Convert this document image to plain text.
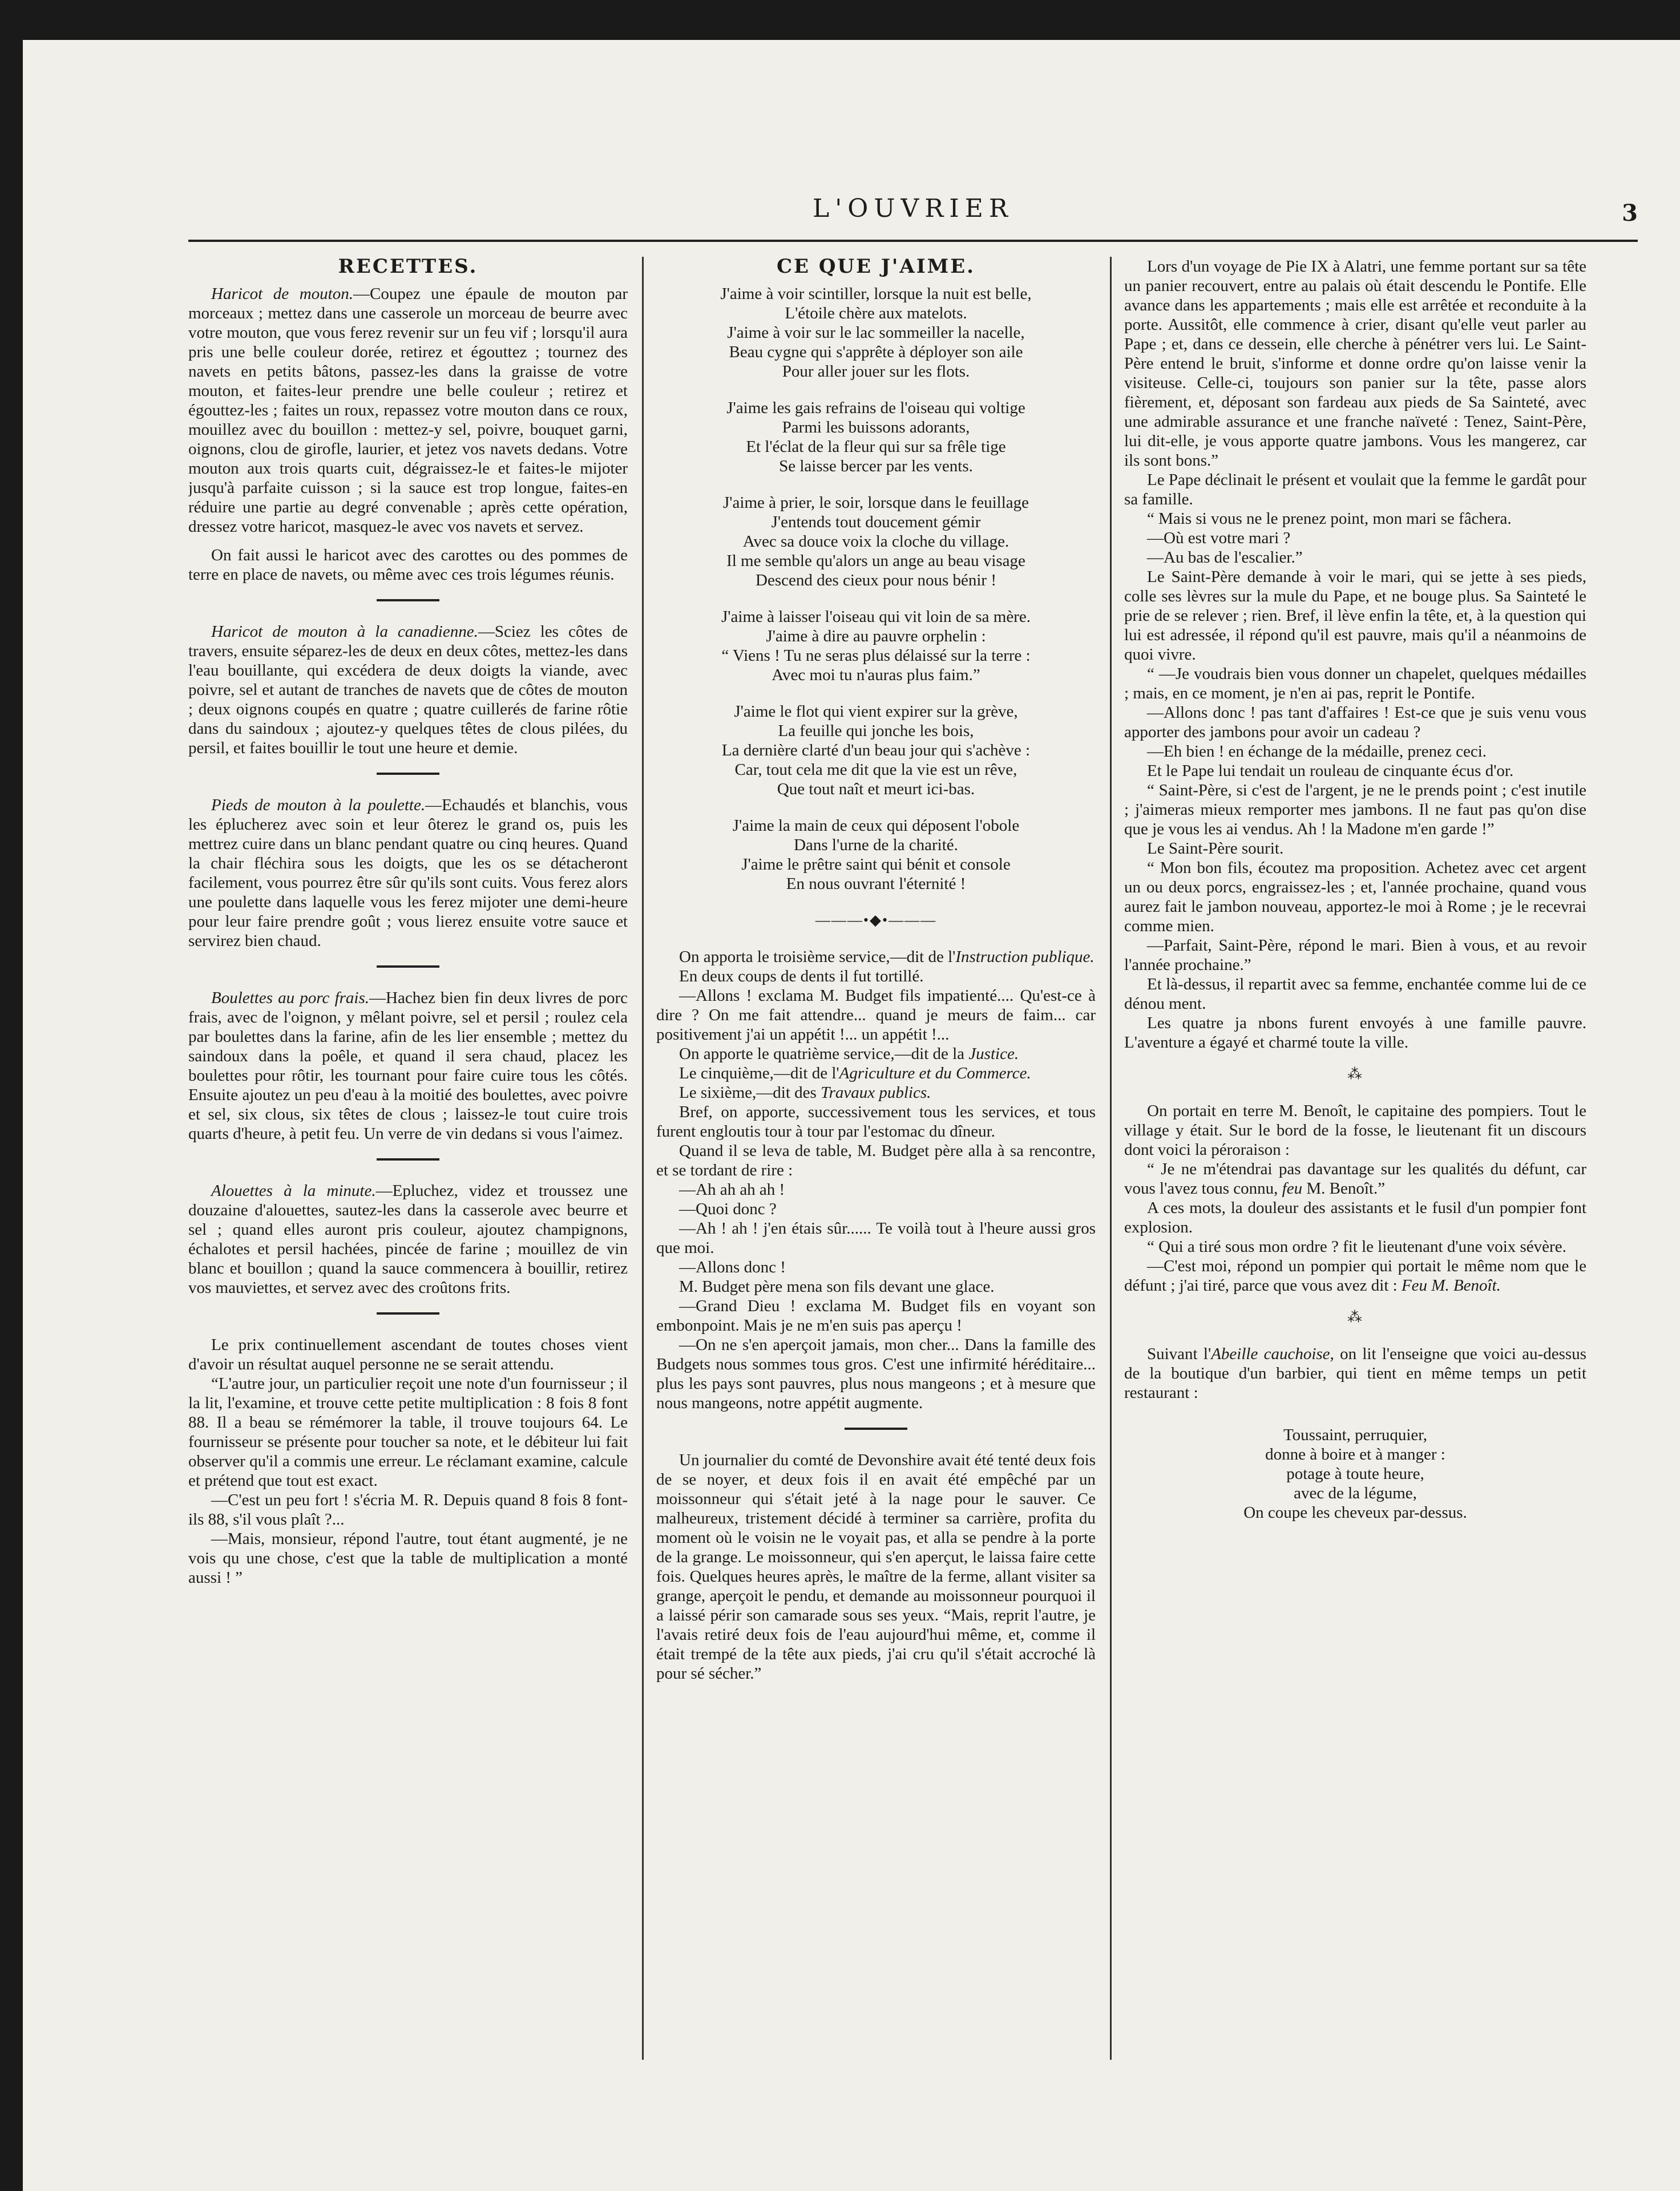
L'OUVRIER	3
RECETTES.

Haricot de mouton.—Coupez une épaule de mouton par morceaux ; mettez dans une casserole un morceau de beurre avec votre mouton, que vous ferez revenir sur un feu vif ; lorsqu'il aura pris une belle couleur dorée, retirez et égouttez ; tournez des navets en petits bâtons, passez-les dans la graisse de votre mouton, et faites-leur prendre une belle couleur ; retirez et égouttez-les ; faites un roux, repassez votre mouton dans ce roux, mouillez avec du bouillon : mettez-y sel, poivre, bouquet garni, oignons, clou de girofle, laurier, et jetez vos navets dedans. Votre mouton aux trois quarts cuit, dégraissez-le et faites-le mijoter jusqu'à parfaite cuisson ; si la sauce est trop longue, faites-en réduire une partie au degré convenable ; après cette opération, dressez votre haricot, masquez-le avec vos navets et servez.

On fait aussi le haricot avec des carottes ou des pommes de terre en place de navets, ou même avec ces trois légumes réunis.

Haricot de mouton à la canadienne.—Sciez les côtes de travers, ensuite séparez-les de deux en deux côtes, mettez-les dans l'eau bouillante, qui excédera de deux doigts la viande, avec poivre, sel et autant de tranches de navets que de côtes de mouton ; deux oignons coupés en quatre ; quatre cuillerés de farine rôtie dans du saindoux ; ajoutez-y quelques têtes de clous pilées, du persil, et faites bouillir le tout une heure et demie.

Pieds de mouton à la poulette.—Echaudés et blanchis, vous les éplucherez avec soin et leur ôterez le grand os, puis les mettrez cuire dans un blanc pendant quatre ou cinq heures. Quand la chair fléchira sous les doigts, que les os se détacheront facilement, vous pourrez être sûr qu'ils sont cuits. Vous ferez alors une poulette dans laquelle vous les ferez mijoter une demi-heure pour leur faire prendre goût ; vous lierez ensuite votre sauce et servirez bien chaud.

Boulettes au porc frais.—Hachez bien fin deux livres de porc frais, avec de l'oignon, y mêlant poivre, sel et persil ; roulez cela par boulettes dans la farine, afin de les lier ensemble ; mettez du saindoux dans la poêle, et quand il sera chaud, placez les boulettes pour rôtir, les tournant pour faire cuire tous les côtés. Ensuite ajoutez un peu d'eau à la moitié des boulettes, avec poivre et sel, six clous, six têtes de clous ; laissez-le tout cuire trois quarts d'heure, à petit feu. Un verre de vin dedans si vous l'aimez.

Alouettes à la minute.—Epluchez, videz et troussez une douzaine d'alouettes, sautez-les dans la casserole avec beurre et sel ; quand elles auront pris couleur, ajoutez champignons, échalotes et persil hachées, pincée de farine ; mouillez de vin blanc et bouillon ; quand la sauce commencera à bouillir, retirez vos mauviettes, et servez avec des croûtons frits.

Le prix continuellement ascendant de toutes choses vient d'avoir un résultat auquel personne ne se serait attendu.

“L'autre jour, un particulier reçoit une note d'un fournisseur ; il la lit, l'examine, et trouve cette petite multiplication : 8 fois 8 font 88. Il a beau se rémémorer la table, il trouve toujours 64. Le fournisseur se présente pour toucher sa note, et le débiteur lui fait observer qu'il a commis une erreur. Le réclamant examine, calcule et prétend que tout est exact.

—C'est un peu fort ! s'écria M. R. Depuis quand 8 fois 8 font-ils 88, s'il vous plaît ?...

—Mais, monsieur, répond l'autre, tout étant augmenté, je ne vois qu une chose, c'est que la table de multiplication a monté aussi ! ”

CE QUE J'AIME.
J'aime à voir scintiller, lorsque la nuit est belle,
L'étoile chère aux matelots.
J'aime à voir sur le lac sommeiller la nacelle,
Beau cygne qui s'apprête à déployer son aile
Pour aller jouer sur les flots.
J'aime les gais refrains de l'oiseau qui voltige
Parmi les buissons adorants,
Et l'éclat de la fleur qui sur sa frêle tige
Se laisse bercer par les vents.
J'aime à prier, le soir, lorsque dans le feuillage
J'entends tout doucement gémir
Avec sa douce voix la cloche du village.
Il me semble qu'alors un ange au beau visage
Descend des cieux pour nous bénir !
J'aime à laisser l'oiseau qui vit loin de sa mère.
J'aime à dire au pauvre orphelin :
“ Viens ! Tu ne seras plus délaissé sur la terre :
Avec moi tu n'auras plus faim.”
J'aime le flot qui vient expirer sur la grève,
La feuille qui jonche les bois,
La dernière clarté d'un beau jour qui s'achève :
Car, tout cela me dit que la vie est un rêve,
Que tout naît et meurt ici-bas.
J'aime la main de ceux qui déposent l'obole
Dans l'urne de la charité.
J'aime le prêtre saint qui bénit et console
En nous ouvrant l'éternité !
———•◆•———

On apporta le troisième service,—dit de l'Instruction publique.

En deux coups de dents il fut tortillé.

—Allons ! exclama M. Budget fils impatienté.... Qu'est-ce à dire ? On me fait attendre... quand je meurs de faim... car positivement j'ai un appétit !... un appétit !...

On apporte le quatrième service,—dit de la Justice.

Le cinquième,—dit de l'Agriculture et du Commerce.

Le sixième,—dit des Travaux publics.

Bref, on apporte, successivement tous les services, et tous furent engloutis tour à tour par l'estomac du dîneur.

Quand il se leva de table, M. Budget père alla à sa rencontre, et se tordant de rire :

—Ah ah ah ah !

—Quoi donc ?

—Ah ! ah ! j'en étais sûr...... Te voilà tout à l'heure aussi gros que moi.

—Allons donc !

M. Budget père mena son fils devant une glace.

—Grand Dieu ! exclama M. Budget fils en voyant son embonpoint. Mais je ne m'en suis pas aperçu !

—On ne s'en aperçoit jamais, mon cher... Dans la famille des Budgets nous sommes tous gros. C'est une infirmité héréditaire... plus les pays sont pauvres, plus nous mangeons ; et à mesure que nous mangeons, notre appétit augmente.

Un journalier du comté de Devonshire avait été tenté deux fois de se noyer, et deux fois il en avait été empêché par un moissonneur qui s'était jeté à la nage pour le sauver. Ce malheureux, tristement décidé à terminer sa carrière, profita du moment où le voisin ne le voyait pas, et alla se pendre à la porte de la grange. Le moissonneur, qui s'en aperçut, le laissa faire cette fois. Quelques heures après, le maître de la ferme, allant visiter sa grange, aperçoit le pendu, et demande au moissonneur pourquoi il a laissé périr son camarade sous ses yeux. “Mais, reprit l'autre, je l'avais retiré deux fois de l'eau aujourd'hui même, et, comme il était trempé de la tête aux pieds, j'ai cru qu'il s'était accroché là pour sé sécher.”

Lors d'un voyage de Pie IX à Alatri, une femme portant sur sa tête un panier recouvert, entre au palais où était descendu le Pontife. Elle avance dans les appartements ; mais elle est arrêtée et reconduite à la porte. Aussitôt, elle commence à crier, disant qu'elle veut parler au Pape ; et, dans ce dessein, elle cherche à pénétrer vers lui. Le Saint-Père entend le bruit, s'informe et donne ordre qu'on laisse venir la visiteuse. Celle-ci, toujours son panier sur la tête, passe alors fièrement, et, déposant son fardeau aux pieds de Sa Sainteté, avec une admirable assurance et une franche naïveté : Tenez, Saint-Père, lui dit-elle, je vous apporte quatre jambons. Vous les mangerez, car ils sont bons.”

Le Pape déclinait le présent et voulait que la femme le gardât pour sa famille.

“ Mais si vous ne le prenez point, mon mari se fâchera.

—Où est votre mari ?

—Au bas de l'escalier.”

Le Saint-Père demande à voir le mari, qui se jette à ses pieds, colle ses lèvres sur la mule du Pape, et ne bouge plus. Sa Sainteté le prie de se relever ; rien. Bref, il lève enfin la tête, et, à la question qui lui est adressée, il répond qu'il est pauvre, mais qu'il a néanmoins de quoi vivre.

“ —Je voudrais bien vous donner un chapelet, quelques médailles ; mais, en ce moment, je n'en ai pas, reprit le Pontife.

—Allons donc ! pas tant d'affaires ! Est-ce que je suis venu vous apporter des jambons pour avoir un cadeau ?

—Eh bien ! en échange de la médaille, prenez ceci.

Et le Pape lui tendait un rouleau de cinquante écus d'or.

“ Saint-Père, si c'est de l'argent, je ne le prends point ; c'est inutile ; j'aimeras mieux remporter mes jambons. Il ne faut pas qu'on dise que je vous les ai vendus. Ah ! la Madone m'en garde !”

Le Saint-Père sourit.

“ Mon bon fils, écoutez ma proposition. Achetez avec cet argent un ou deux porcs, engraissez-les ; et, l'année prochaine, quand vous aurez fait le jambon nouveau, apportez-le moi à Rome ; je le recevrai comme mien.

—Parfait, Saint-Père, répond le mari. Bien à vous, et au revoir l'année prochaine.”

Et là-dessus, il repartit avec sa femme, enchantée comme lui de ce dénou ment.

Les quatre ja nbons furent envoyés à une famille pauvre. L'aventure a égayé et charmé toute la ville.

⁂

On portait en terre M. Benoît, le capitaine des pompiers. Tout le village y était. Sur le bord de la fosse, le lieutenant fit un discours dont voici la péroraison :

“ Je ne m'étendrai pas davantage sur les qualités du défunt, car vous l'avez tous connu, feu M. Benoît.”

A ces mots, la douleur des assistants et le fusil d'un pompier font explosion.

“ Qui a tiré sous mon ordre ? fit le lieutenant d'une voix sévère.

—C'est moi, répond un pompier qui portait le même nom que le défunt ; j'ai tiré, parce que vous avez dit : Feu M. Benoît.

⁂

Suivant l'Abeille cauchoise, on lit l'enseigne que voici au-dessus de la boutique d'un barbier, qui tient en même temps un petit restaurant :

Toussaint, perruquier,
donne à boire et à manger :
potage à toute heure,
avec de la légume,
On coupe les cheveux par-dessus.
